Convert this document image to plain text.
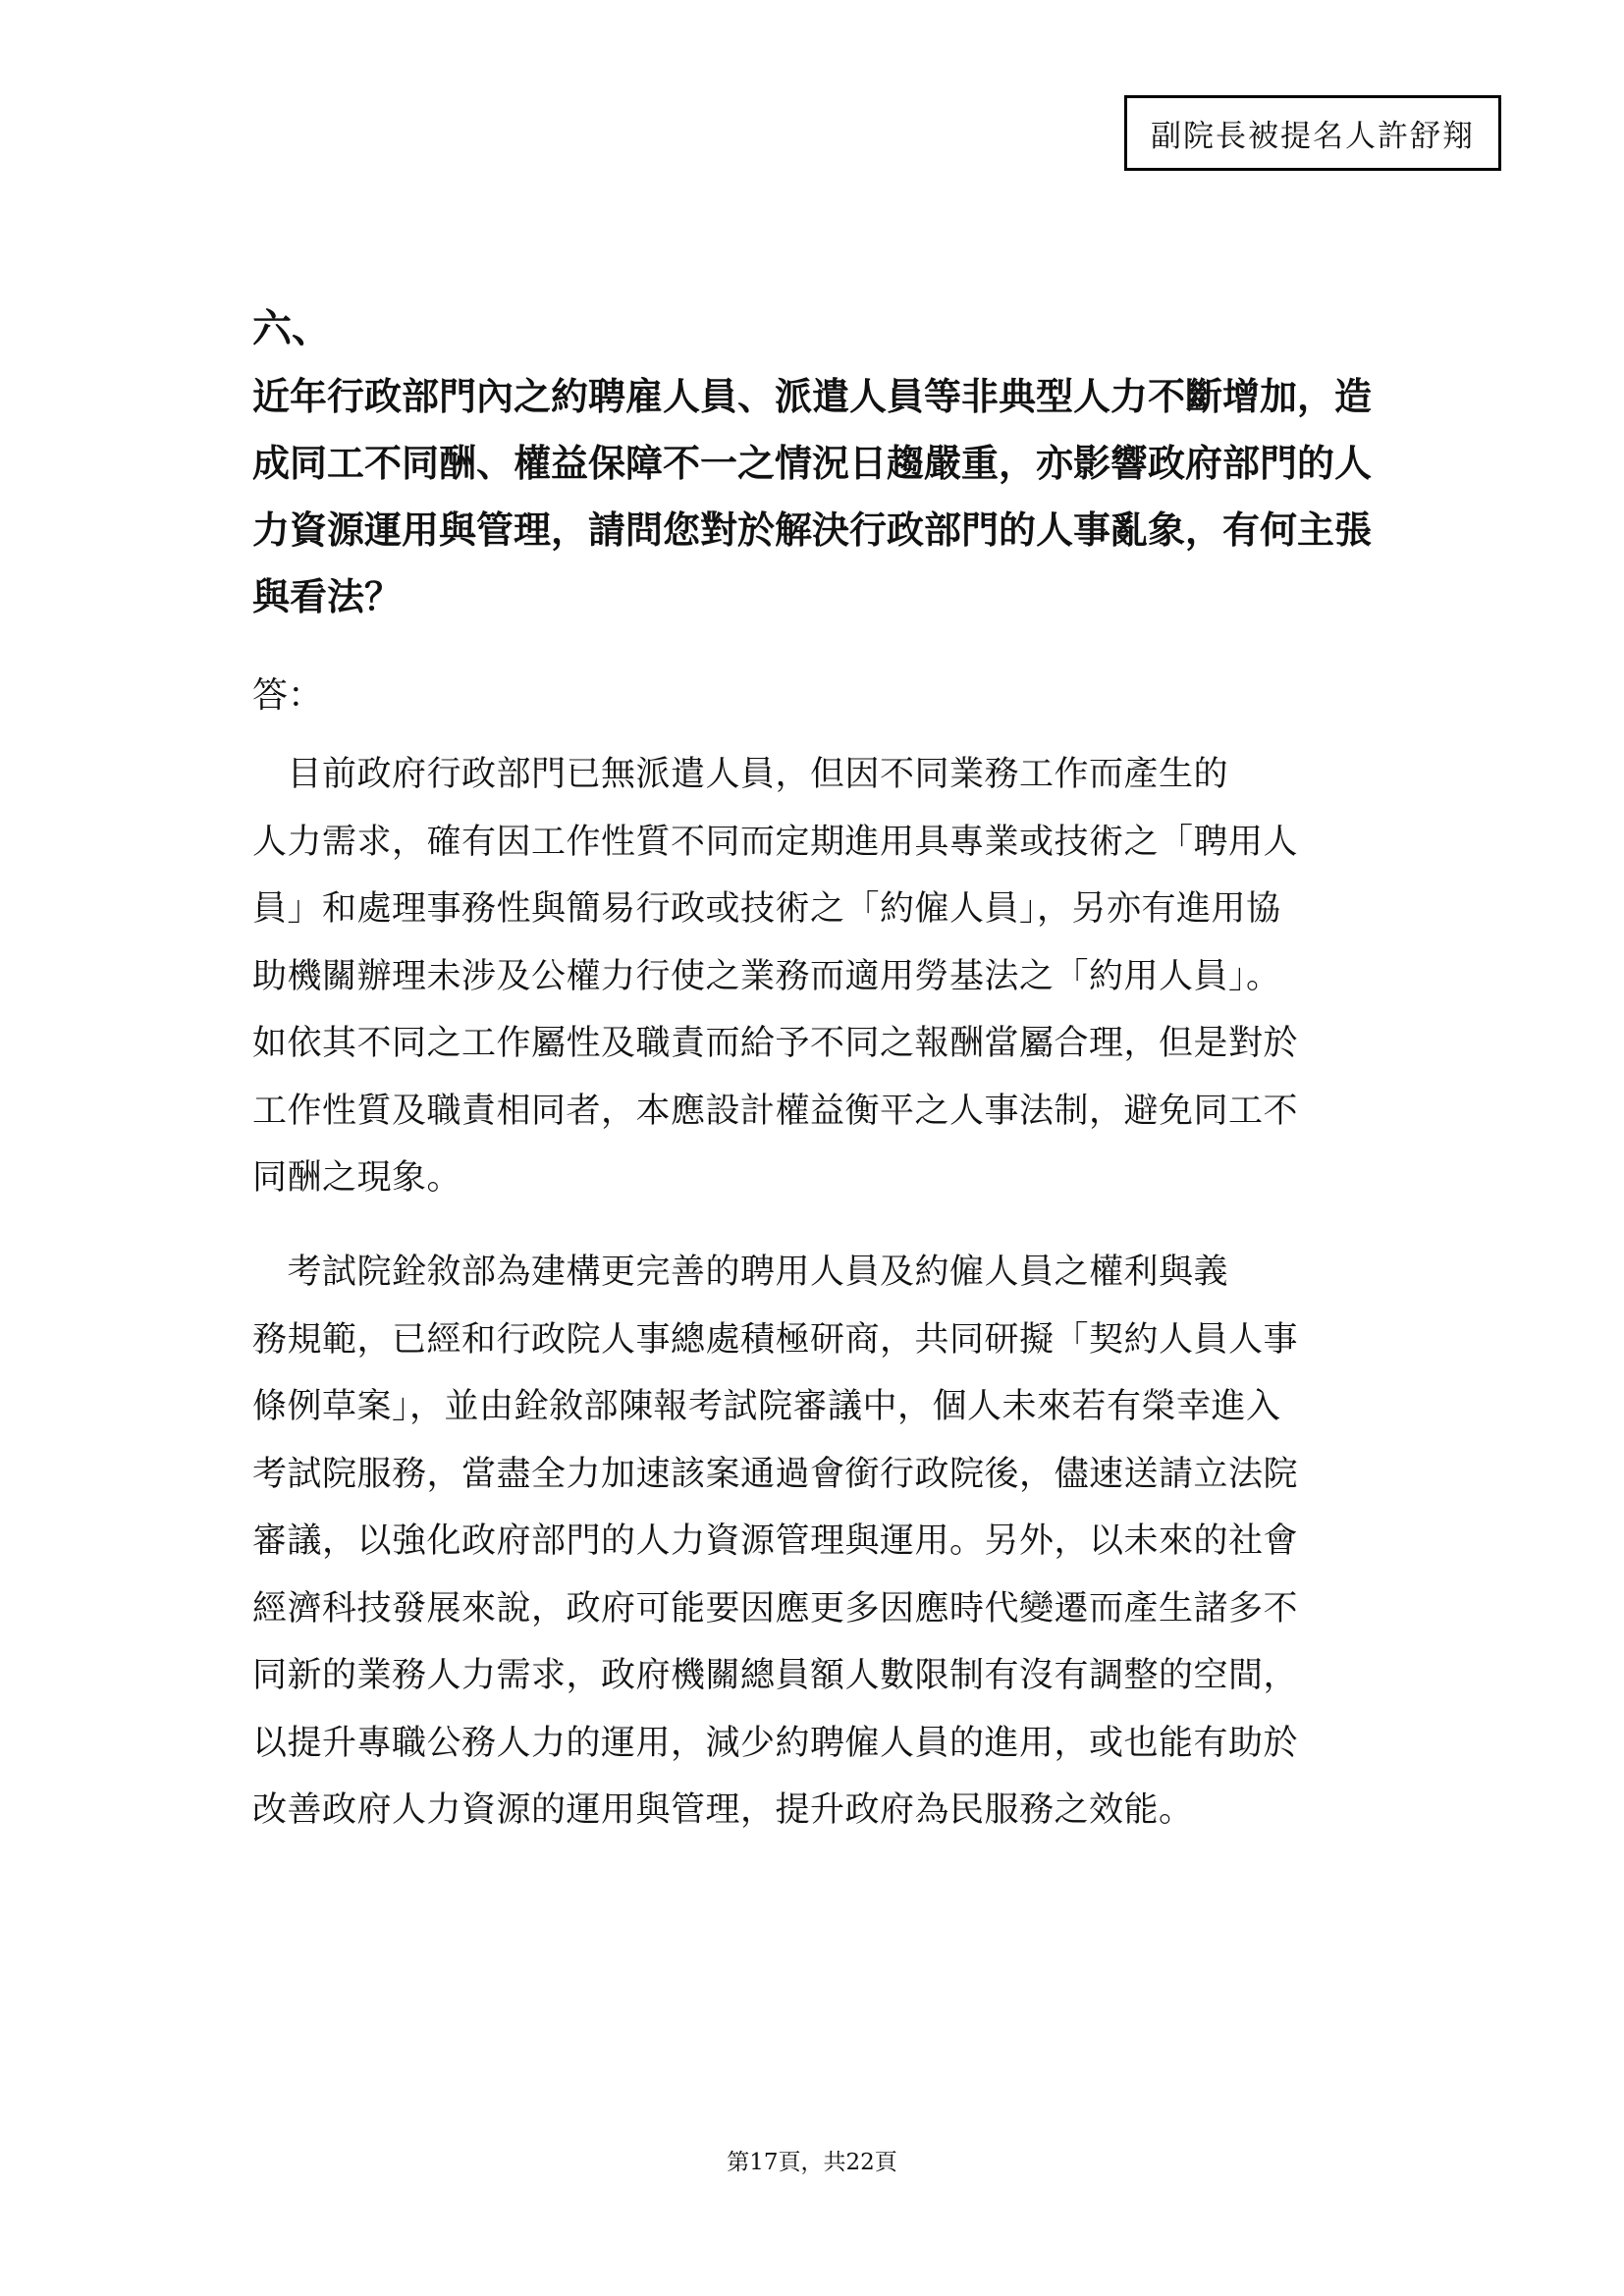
副院長被提名人許舒翔
六、

近年行政部門內之約聘雇人員、派遣人員等非典型人力不斷增加，造
成同工不同酬、權益保障不一之情況日趨嚴重，亦影響政府部門的人
力資源運用與管理，請問您對於解決行政部門的人事亂象，有何主張
與看法？

答：

　目前政府行政部門已無派遣人員，但因不同業務工作而產生的
人力需求，確有因工作性質不同而定期進用具專業或技術之「聘用人
員」和處理事務性與簡易行政或技術之「約僱人員」，另亦有進用協
助機關辦理未涉及公權力行使之業務而適用勞基法之「約用人員」。
如依其不同之工作屬性及職責而給予不同之報酬當屬合理，但是對於
工作性質及職責相同者，本應設計權益衡平之人事法制，避免同工不
同酬之現象。

　考試院銓敘部為建構更完善的聘用人員及約僱人員之權利與義
務規範，已經和行政院人事總處積極研商，共同研擬「契約人員人事
條例草案」，並由銓敘部陳報考試院審議中，個人未來若有榮幸進入
考試院服務，當盡全力加速該案通過會銜行政院後，儘速送請立法院
審議，以強化政府部門的人力資源管理與運用。另外，以未來的社會
經濟科技發展來說，政府可能要因應更多因應時代變遷而產生諸多不
同新的業務人力需求，政府機關總員額人數限制有沒有調整的空間，
以提升專職公務人力的運用，減少約聘僱人員的進用，或也能有助於
改善政府人力資源的運用與管理，提升政府為民服務之效能。

第17頁，共22頁
